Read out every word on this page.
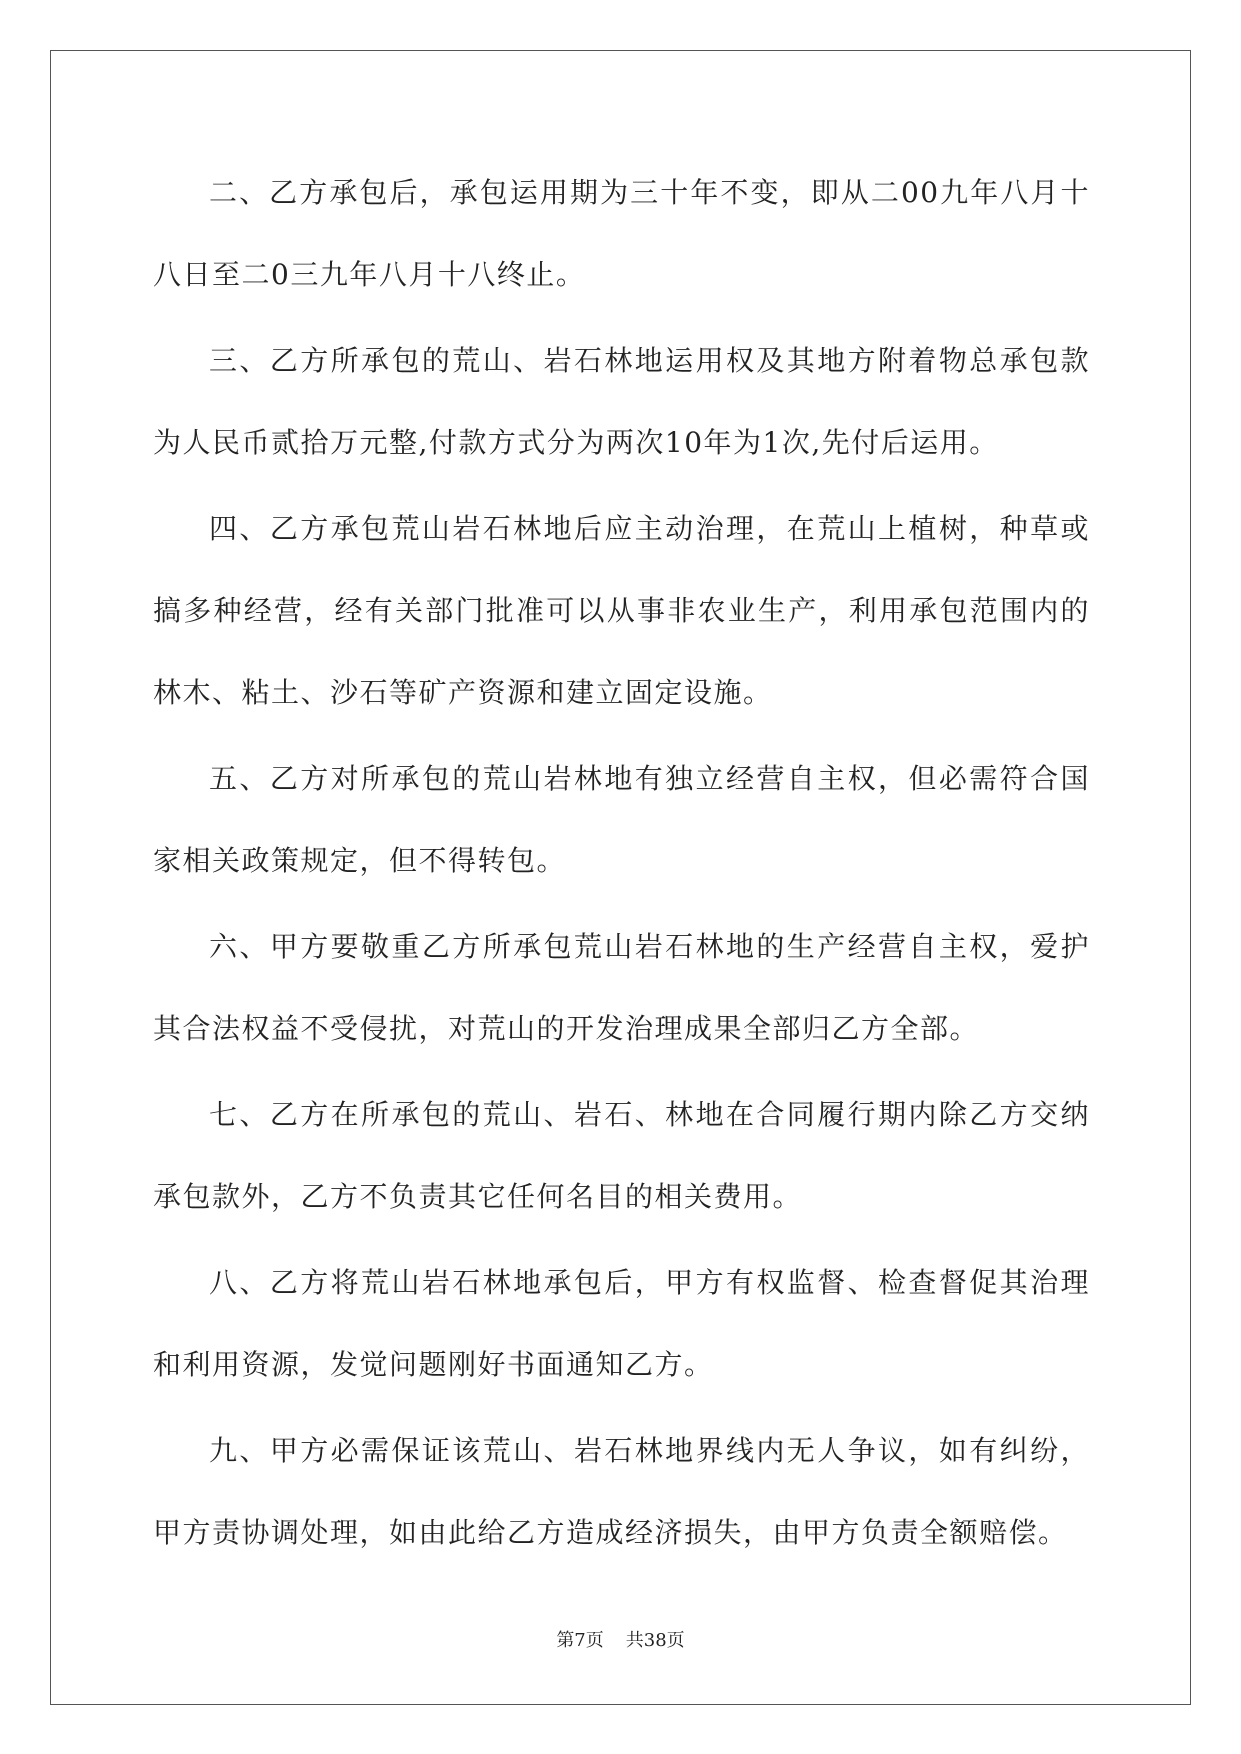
二、乙方承包后，承包运用期为三十年不变，即从二00九年八月十八日至二0三九年八月十八终止。

三、乙方所承包的荒山、岩石林地运用权及其地方附着物总承包款为人民币贰拾万元整,付款方式分为两次10年为1次,先付后运用。

四、乙方承包荒山岩石林地后应主动治理，在荒山上植树，种草或搞多种经营，经有关部门批准可以从事非农业生产，利用承包范围内的林木、粘土、沙石等矿产资源和建立固定设施。

五、乙方对所承包的荒山岩林地有独立经营自主权，但必需符合国家相关政策规定，但不得转包。

六、甲方要敬重乙方所承包荒山岩石林地的生产经营自主权，爱护其合法权益不受侵扰，对荒山的开发治理成果全部归乙方全部。

七、乙方在所承包的荒山、岩石、林地在合同履行期内除乙方交纳承包款外，乙方不负责其它任何名目的相关费用。

八、乙方将荒山岩石林地承包后，甲方有权监督、检查督促其治理和利用资源，发觉问题刚好书面通知乙方。

九、甲方必需保证该荒山、岩石林地界线内无人争议，如有纠纷，甲方责协调处理，如由此给乙方造成经济损失，由甲方负责全额赔偿。

第7页 共38页
